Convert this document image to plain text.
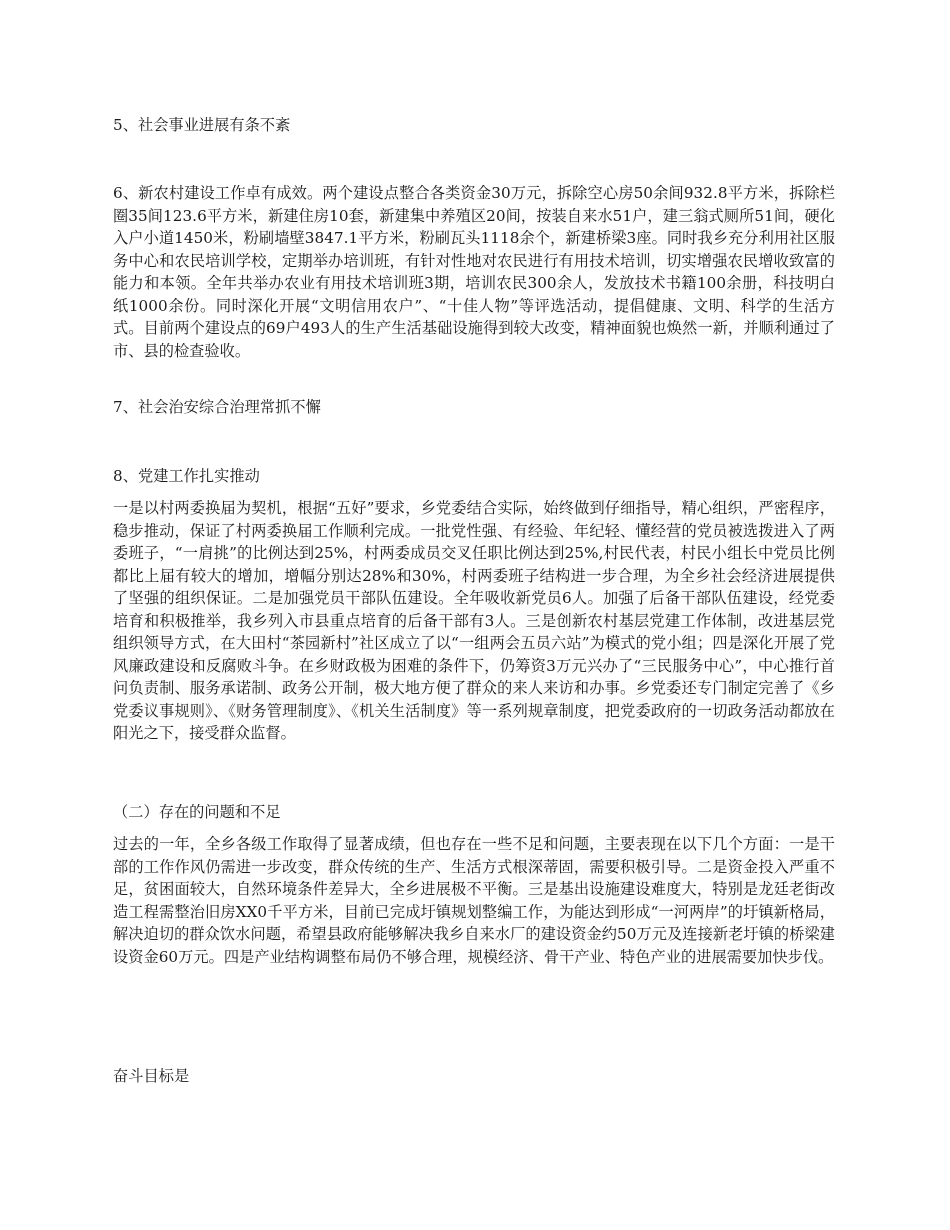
5、社会事业进展有条不紊

6、新农村建设工作卓有成效。两个建设点整合各类资金30万元，拆除空心房50余间932.8平方米，拆除栏圈35间123.6平方米，新建住房10套，新建集中养殖区20间，按装自来水51户，建三翁式厕所51间，硬化入户小道1450米，粉刷墙壁3847.1平方米，粉刷瓦头1118余个，新建桥梁3座。同时我乡充分利用社区服务中心和农民培训学校，定期举办培训班，有针对性地对农民进行有用技术培训，切实增强农民增收致富的能力和本领。全年共举办农业有用技术培训班3期，培训农民300余人，发放技术书籍100余册，科技明白纸1000余份。同时深化开展“文明信用农户”、“十佳人物”等评选活动，提倡健康、文明、科学的生活方式。目前两个建设点的69户493人的生产生活基础设施得到较大改变，精神面貌也焕然一新，并顺利通过了市、县的检查验收。

7、社会治安综合治理常抓不懈

8、党建工作扎实推动

一是以村两委换届为契机，根据“五好”要求，乡党委结合实际，始终做到仔细指导，精心组织，严密程序，稳步推动，保证了村两委换届工作顺利完成。一批党性强、有经验、年纪轻、懂经营的党员被选拨进入了两委班子，“一肩挑”的比例达到25%，村两委成员交叉任职比例达到25%,村民代表，村民小组长中党员比例都比上届有较大的增加，增幅分别达28%和30%，村两委班子结构进一步合理，为全乡社会经济进展提供了坚强的组织保证。二是加强党员干部队伍建设。全年吸收新党员6人。加强了后备干部队伍建设，经党委培育和积极推举，我乡列入市县重点培育的后备干部有3人。三是创新农村基层党建工作体制，改进基层党组织领导方式，在大田村“茶园新村”社区成立了以“一组两会五员六站”为模式的党小组；四是深化开展了党风廉政建设和反腐败斗争。在乡财政极为困难的条件下，仍筹资3万元兴办了“三民服务中心”，中心推行首问负责制、服务承诺制、政务公开制，极大地方便了群众的来人来访和办事。乡党委还专门制定完善了《乡党委议事规则》、《财务管理制度》、《机关生活制度》等一系列规章制度，把党委政府的一切政务活动都放在阳光之下，接受群众监督。

（二）存在的问题和不足

过去的一年，全乡各级工作取得了显著成绩，但也存在一些不足和问题，主要表现在以下几个方面：一是干部的工作作风仍需进一步改变，群众传统的生产、生活方式根深蒂固，需要积极引导。二是资金投入严重不足，贫困面较大，自然环境条件差异大，全乡进展极不平衡。三是基出设施建设难度大，特别是龙廷老街改造工程需整治旧房XX0千平方米，目前已完成圩镇规划整编工作，为能达到形成“一河两岸”的圩镇新格局，解决迫切的群众饮水问题，希望县政府能够解决我乡自来水厂的建设资金约50万元及连接新老圩镇的桥梁建设资金60万元。四是产业结构调整布局仍不够合理，规模经济、骨干产业、特色产业的进展需要加快步伐。

奋斗目标是
